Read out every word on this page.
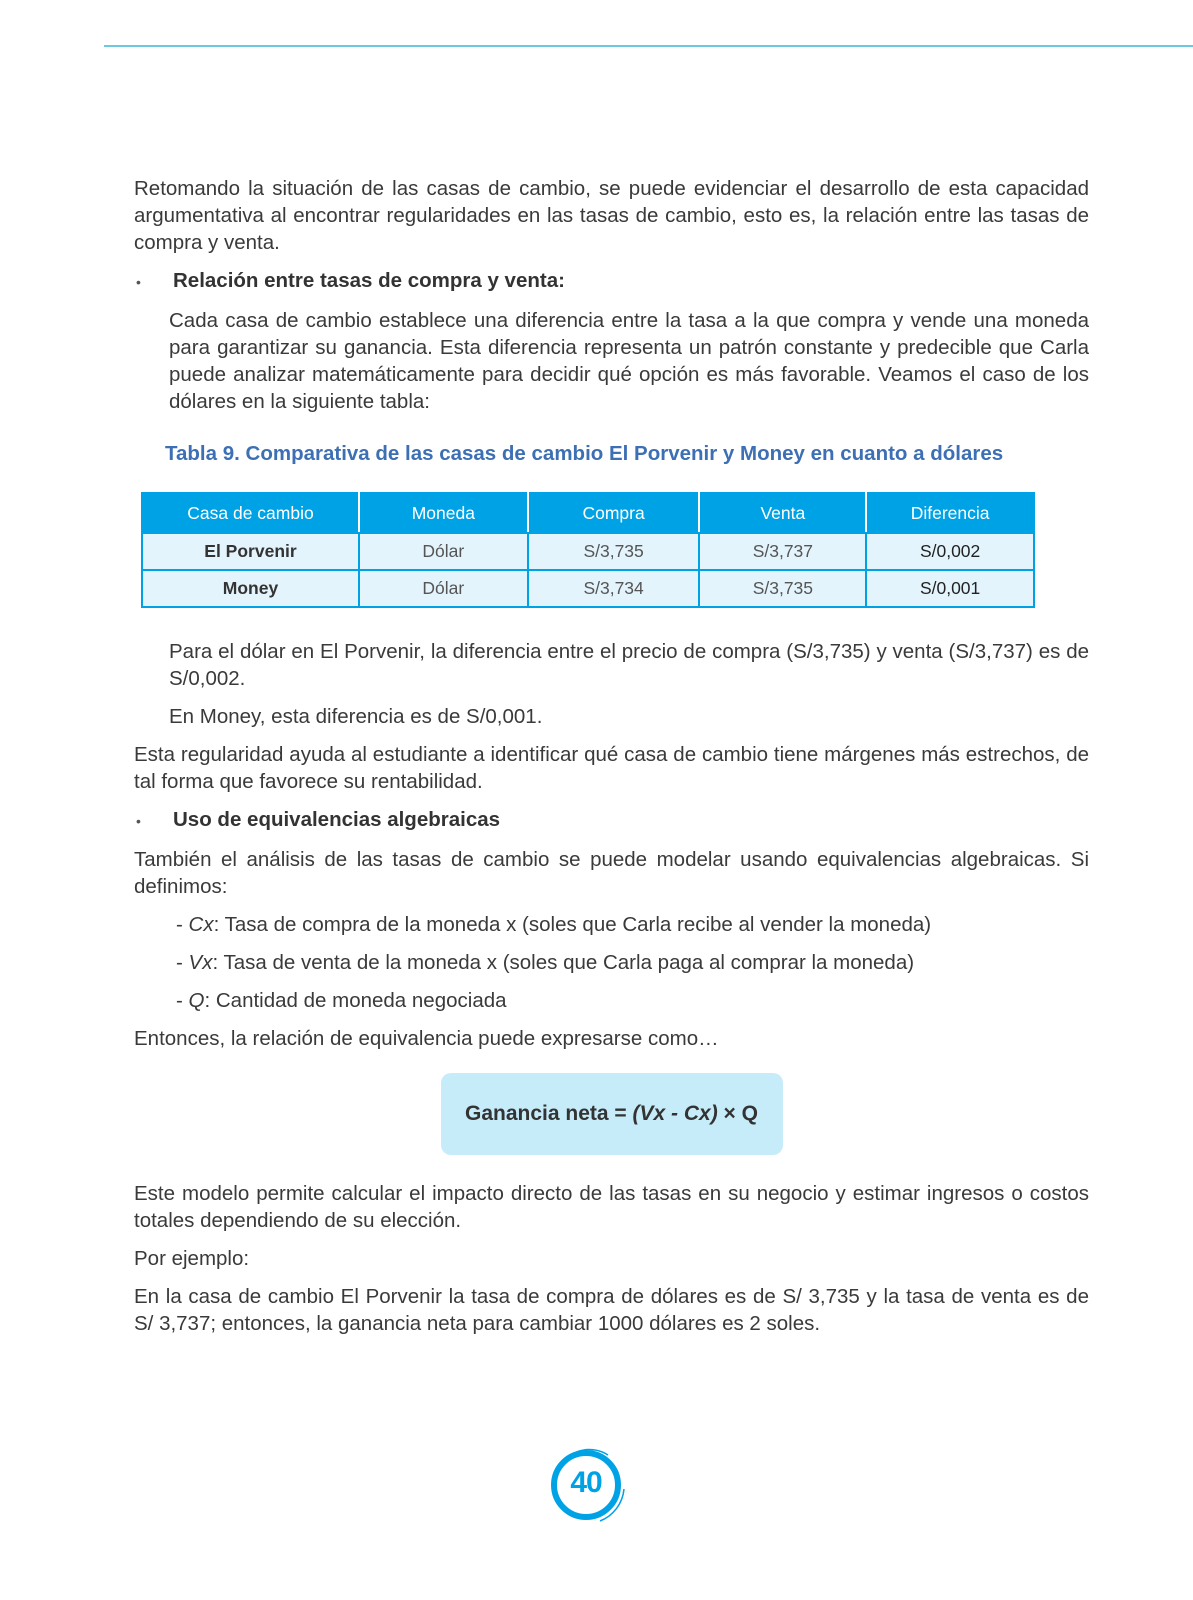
Retomando la situación de las casas de cambio, se puede evidenciar el desarrollo de esta capacidad argumentativa al encontrar regularidades en las tasas de cambio, esto es, la relación entre las tasas de compra y venta.

•	Relación entre tasas de compra y venta:

Cada casa de cambio establece una diferencia entre la tasa a la que compra y vende una moneda para garantizar su ganancia. Esta diferencia representa un patrón constante y predecible que Carla puede analizar matemáticamente para decidir qué opción es más favorable. Veamos el caso de los dólares en la siguiente tabla:

Tabla 9. Comparativa de las casas de cambio El Porvenir y Money en cuanto a dólares
Casa de cambio	Moneda	Compra	Venta	Diferencia
El Porvenir	Dólar	S/3,735	S/3,737	S/0,002
Money	Dólar	S/3,734	S/3,735	S/0,001

Para el dólar en El Porvenir, la diferencia entre el precio de compra (S/3,735) y venta (S/3,737) es de S/0,002.

En Money, esta diferencia es de S/0,001.

Esta regularidad ayuda al estudiante a identificar qué casa de cambio tiene márgenes más estrechos, de tal forma que favorece su rentabilidad.

•	Uso de equivalencias algebraicas

También el análisis de las tasas de cambio se puede modelar usando equivalencias algebraicas. Si definimos:

- Cx: Tasa de compra de la moneda x (soles que Carla recibe al vender la moneda)
- Vx: Tasa de venta de la moneda x (soles que Carla paga al comprar la moneda)
- Q: Cantidad de moneda negociada

Entonces, la relación de equivalencia puede expresarse como…

Ganancia neta = (Vx - Cx) × Q

Este modelo permite calcular el impacto directo de las tasas en su negocio y estimar ingresos o costos totales dependiendo de su elección.

Por ejemplo:

En la casa de cambio El Porvenir la tasa de compra de dólares es de S/ 3,735 y la tasa de venta es de S/ 3,737; entonces, la ganancia neta para cambiar 1000 dólares es 2 soles.

40
